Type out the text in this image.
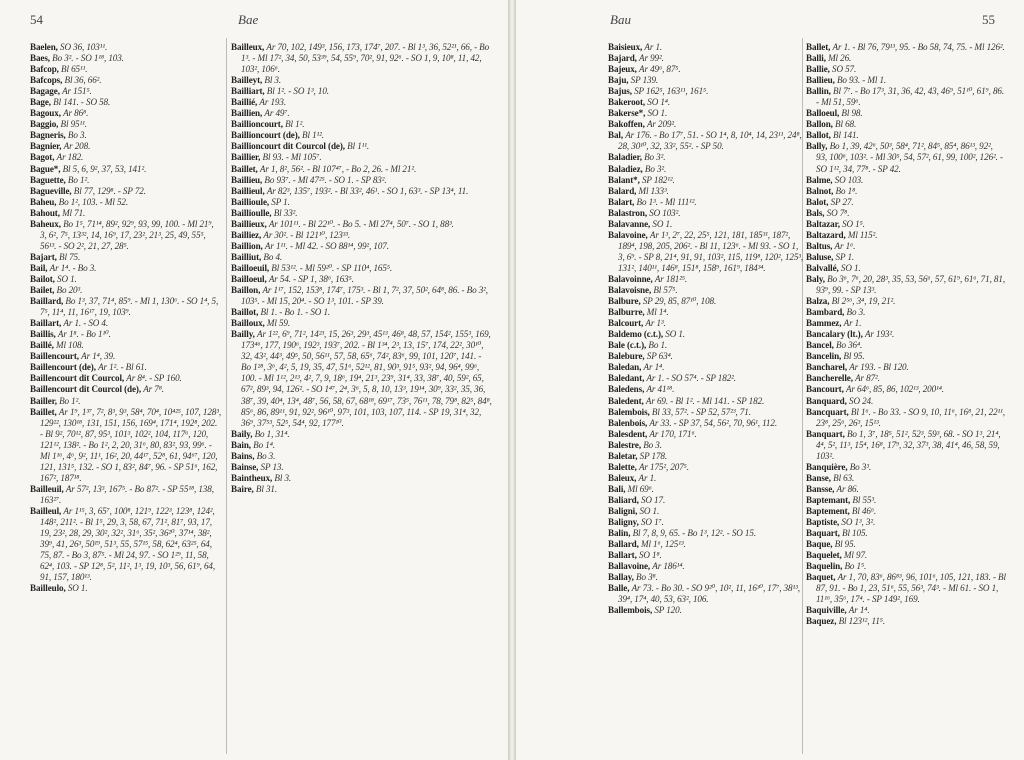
54	Bae
Baelen, SO 36, 103¹¹.
Baes, Bo 3². - SO 1¹⁸, 103.
Bafcop, Bl 65¹¹.
Bafcops, Bl 36, 66².
Bagage, Ar 151⁵.
Bage, Bl 141. - SO 58.
Bagoux, Ar 86⁸.
Baggio, Bl 95¹¹.
Bagneris, Bo 3.
Bagnier, Ar 208.
Bagot, Ar 182.
Bague*, Bl 5, 6, 9², 37, 53, 141².
Baguette, Bo 1².
Bagueville, Bl 77, 129⁸. - SP 72.
Baheu, Bo 1², 103. - Ml 52.
Bahout, Ml 71.
Baheux, Bo 1⁵, 71¹⁴, 89², 92⁹, 93, 99, 100. - Ml 21⁹, 3, 6², 7⁵, 13³², 14, 16⁹, 17, 23², 21³, 25, 49, 55⁵, 56¹³. - SO 2², 21, 27, 28⁵.
Bajart, Bl 75.
Bail, Ar 1⁴. - Bo 3.
Bailot, SO 1.
Bailet, Bo 20³.
Baillard, Bo 1³, 37, 71⁴, 85⁹. - Ml 1, 130⁶. - SO 1⁴, 5, 7⁵, 11⁴, 11, 16¹⁷, 19, 103⁹.
Baillart, Ar 1. - SO 4.
Baillis, Ar 1⁸. - Bo 1¹⁰.
Baillé, Ml 108.
Baillencourt, Ar 1⁴, 39.
Baillencourt (de), Ar 1². - Bl 61.
Baillencourt dit Courcol, Ar 8⁴. - SP 160.
Baillencourt dit Courcol (de), Ar 7⁸.
Bailler, Bo 1².
Baillet, Ar 1⁹, 1³⁷, 7², 8³, 9³, 58⁴, 70⁴, 10⁴²⁵, 107, 128³, 129²², 130¹⁸, 131, 151, 156, 169⁴, 171⁴, 192⁸, 202. - Bl 9², 70¹², 87, 95³, 101³, 102², 104, 117⁶, 120, 121¹², 138². - Bo 1², 2, 20, 31⁶, 80, 83², 93, 99⁶. - Ml 1¹⁶, 4⁶, 9², 11¹, 16², 20, 44¹⁷, 52⁸, 61, 94⁶⁷, 120, 121, 131⁵, 132. - SO 1, 83², 84⁷, 96. - SP 51⁶, 162, 167², 187¹⁸.
Bailleuil, Ar 57², 13³, 167⁵. - Bo 87². - SP 55¹⁸, 138, 163²⁷.
Bailleul, Ar 1¹⁵, 3, 65⁷, 100⁸, 121⁹, 122³, 123⁸, 124², 148², 211². - Bl 1⁵, 29, 3, 58, 67, 71², 81⁷, 93, 17, 19, 23², 28, 29, 30², 32², 31⁶, 35², 36²⁰, 37¹⁴, 38², 39⁹, 41, 26³, 50¹⁹, 51³, 55, 57¹⁵, 58, 62⁴, 63²⁵, 64, 75, 87. - Bo 3, 87⁵. - Ml 24, 97. - SO 1²⁹, 11, 58, 62⁴, 103. - SP 12⁸, 5², 11², 1³, 19, 10³, 56, 61⁹, 64, 91, 157, 180¹³.
Bailleulo, SO 1.
Bailleux, Ar 70, 102, 149³, 156, 173, 174⁷, 207. - Bl 1³, 36, 52²¹, 66, - Bo 1³. - Ml 17², 34, 50, 53³⁹, 54, 55⁹, 70², 91, 92⁶. - SO 1, 9, 10⁸, 11, 42, 103², 106⁶.
Bailleyt, Bl 3.
Bailliart, Bl 1². - SO 1³, 10.
Baillié, Ar 193.
Baillien, Ar 49⁷.
Baillioncourt, Bl 1².
Baillioncourt (de), Bl 1¹².
Baillioncourt dit Courcol (de), Bl 1¹¹.
Baillier, Bl 93. - Ml 105⁷.
Baillet, Ar 1, 8², 56². - Bl 107⁴⁷, - Bo 2, 26. - Ml 21².
Baillieu, Bo 93⁷. - Ml 47²⁵. - SO 1. - SP 83².
Baillieul, Ar 82³, 135⁷, 193². - Bl 33², 46¹. - SO 1, 63³. - SP 13⁴, 11.
Baillioule, SP 1.
Baillioulle, Bl 33².
Baillieux, Ar 101¹¹. - Bl 22¹⁰. - Bo 5. - Ml 27⁴, 50⁷. - SO 1, 88³.
Bailliez, Ar 30². - Bl 121¹⁰, 123³³.
Baillion, Ar 1¹¹. - Ml 42. - SO 88¹⁴, 99², 107.
Bailliut, Bo 4.
Bailloeuil, Bl 53¹². - Ml 59²⁰. - SP 110⁴, 165⁵.
Bailloeul, Ar 54. - SP 1, 38⁶, 163⁵.
Baillon, Ar 1¹⁷, 152, 153⁸, 174⁷, 175³. - Bl 1, 7², 37, 50², 64⁸, 86. - Bo 3², 103⁵. - Ml 15, 20⁴. - SO 1³, 101. - SP 39.
Baillot, Bl 1. - Bo 1. - SO 1.
Bailloux, Ml 59.
Bailly, Ar 1²², 6⁹, 71², 14²³, 15, 26³, 29³, 45¹³, 46⁸, 48, 57, 154², 155³, 169, 173⁴⁶, 177, 190⁶, 192³, 193⁷, 202. - Bl 1³⁴, 2³, 13, 15⁷, 174, 22², 30¹⁰, 32, 43², 44³, 49⁵, 50, 56¹¹, 57, 58, 65⁶, 74², 83⁶, 99, 101, 120⁷, 141. - Bo 1²⁸, 3⁶, 4², 5, 19, 35, 47, 51⁶, 52¹², 81, 90³, 91⁵, 93², 94, 96⁴, 99⁶, 100. - Ml 1¹², 2¹³, 4², 7, 9, 18⁶, 19⁴, 21³, 23⁹, 31⁴, 33, 38⁷, 40, 59², 65, 67², 89³, 94, 126². - SO 1⁴⁷, 2⁴, 3⁶, 5, 8, 10, 13³, 19¹⁴, 30⁹, 33², 35, 36, 38⁷, 39, 40⁴, 13⁴, 48⁷, 56, 58, 67, 68¹⁸, 69¹⁷, 73⁵, 76¹¹, 78, 79⁸, 82⁵, 84⁸, 85⁶, 86, 89¹¹, 91, 92², 96¹⁰, 97³, 101, 103, 107, 114. - SP 19, 31⁴, 32, 36⁹, 37⁵³, 52⁵, 54⁴, 92, 177¹⁰.
Baily, Bo 1, 31⁴.
Bain, Bo 1⁴.
Bains, Bo 3.
Bainse, SP 13.
Baintheux, Bl 3.
Baire, Bl 31.
Bau	55
Baisieux, Ar 1.
Bajard, Ar 99².
Bajeux, Ar 49⁶, 87⁵.
Baju, SP 139.
Bajus, SP 162⁵, 163¹¹, 161⁵.
Bakeroot, SO 1⁴.
Bakerse*, SO 1.
Bakoffen, Ar 209².
Bal, Ar 176. - Bo 17⁷, 51. - SO 1⁴, 8, 10⁴, 14, 23¹¹, 24⁸, 28, 30¹⁰, 32, 33², 55². - SP 50.
Baladier, Bo 3².
Baladiez, Bo 3².
Balant*, SP 182¹².
Balard, Ml 133³.
Balart, Bo 1³. - Ml 111¹².
Balastron, SO 103².
Balavanne, SO 1.
Balavoine, Ar 1³, 2⁷, 22, 25⁵, 121, 181, 185³¹, 187², 189⁴, 198, 205, 206². - Bl 11, 123⁶. - Ml 93. - SO 1, 3, 6⁹. - SP 8, 21⁴, 91, 91, 103², 115, 119⁸, 120², 125³, 131², 140¹¹, 146⁸, 151⁸, 158⁹, 161⁹, 184³⁴.
Balavoinne, Ar 181²⁵.
Balavoisne, Bl 57⁵.
Balbure, SP 29, 85, 87¹⁰, 108.
Balburre, Ml 1⁴.
Balcourt, Ar 1³.
Baldemo (c.t.), SO 1.
Bale (c.t.), Bo 1.
Balebure, SP 63⁴.
Baledan, Ar 1⁴.
Baledant, Ar 1. - SO 57⁴. - SP 182².
Baledens, Ar 41¹⁸.
Baledent, Ar 69. - Bl 1². - Ml 141. - SP 182.
Balembois, Bl 33, 57². - SP 52, 57²³, 71.
Balenbois, Ar 33. - SP 37, 54, 56², 70, 96¹, 112.
Balesdent, Ar 170, 171⁶.
Balestre, Bo 3.
Baletar, SP 178.
Balette, Ar 175², 207⁵.
Baleux, Ar 1.
Bali, Ml 69⁶.
Baliard, SO 17.
Baligni, SO 1.
Baligny, SO 1⁷.
Balin, Bl 7, 8, 9, 65. - Bo 1³, 12². - SO 15.
Ballard, Ml 1⁶, 125¹³.
Ballart, SO 1⁸.
Ballavoine, Ar 186¹⁴.
Ballay, Bo 3⁸.
Balle, Ar 73. - Bo 30. - SO 9²⁰, 10², 11, 16³⁰, 17⁷, 38¹³, 39⁴, 17⁴, 40, 53, 63², 106.
Ballembois, SP 120.
Ballet, Ar 1. - Bl 76, 79¹³, 95. - Bo 58, 74, 75. - Ml 126².
Balli, Ml 26.
Ballie, SO 57.
Ballieu, Bo 93. - Ml 1.
Ballin, Bl 7⁷. - Bo 17³, 31, 36, 42, 43, 46⁹, 51¹⁰, 61⁹, 86. - Ml 51, 59⁶.
Balloeul, Bl 98.
Ballon, Bl 68.
Ballot, Bl 141.
Bally, Bo 1, 39, 42⁶, 50³, 58⁴, 71², 84⁵, 85⁴, 86¹³, 92², 93, 100⁶, 103². - Ml 30⁵, 54, 57², 61, 99, 100², 126². - SO 1¹², 34, 77⁸. - SP 42.
Balme, SO 103.
Balnot, Bo 1⁸.
Balot, SP 27.
Bals, SO 7⁸.
Baltazar, SO 1⁵.
Baltazard, Ml 115².
Baltus, Ar 1⁶.
Baluse, SP 1.
Balvallé, SO 1.
Baly, Bo 3⁶, 7⁶, 20, 28³, 35, 53, 56⁶, 57, 61⁹, 61⁶, 71, 81, 93⁹, 99. - SP 13³.
Balza, Bl 2⁵⁶, 3⁴, 19, 21².
Bambard, Bo 3.
Bammez, Ar 1.
Bancalary (lt.), Ar 193².
Bancel, Bo 36⁴.
Bancelin, Bl 95.
Bancharel, Ar 193. - Bl 120.
Bancherelle, Ar 87².
Bancourt, Ar 64⁶, 85, 86, 102¹³, 200¹⁴.
Banquard, SO 24.
Bancquart, Bl 1⁶. - Bo 33. - SO 9, 10, 11⁶, 16⁸, 21, 22¹¹, 23⁸, 25⁶, 26³, 15¹³.
Banquart, Bo 1, 3⁷, 18⁵, 51², 52³, 59³, 68. - SO 1³, 21⁴, 4⁴, 5², 11³, 15⁴, 16⁸, 17⁹, 32, 37³, 38, 41⁴, 46, 58, 59, 103².
Banquière, Bo 3³.
Banse, Bl 63.
Bansse, Ar 86.
Baptemant, Bl 55³.
Baptement, Bl 46⁶.
Baptiste, SO 1³, 3².
Baquart, Bl 105.
Baque, Bl 95.
Baquelet, Ml 97.
Baquelin, Bo 1⁵.
Baquet, Ar 1, 70, 83⁶, 86⁸³, 96, 101⁶, 105, 121, 183. - Bl 87, 91. - Bo 1, 23, 51⁶, 55, 56³, 74³. - Ml 61. - SO 1, 11¹⁶, 35⁶, 17⁴. - SP 149², 169.
Baquiville, Ar 1⁴.
Baquez, Bl 123¹², 11⁵.
